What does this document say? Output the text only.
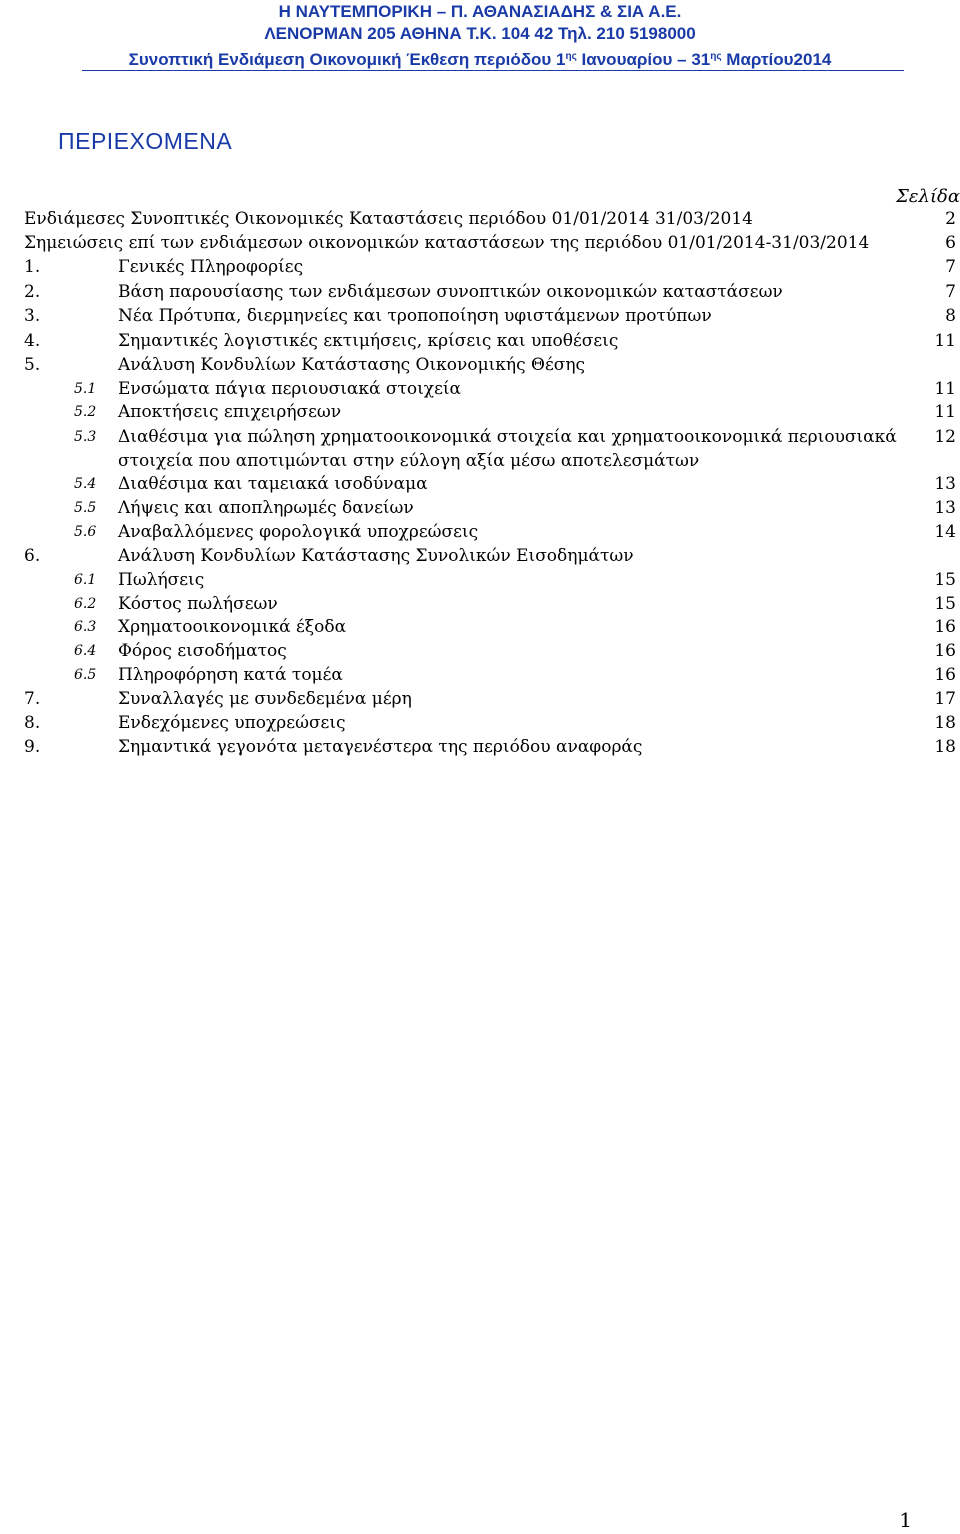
Η ΝΑΥΤΕΜΠΟΡΙΚΗ – Π. ΑΘΑΝΑΣΙΑΔΗΣ & ΣΙΑ Α.Ε.
ΛΕΝΟΡΜΑΝ 205 ΑΘΗΝΑ Τ.Κ. 104 42 Τηλ. 210 5198000
Συνοπτική Ενδιάμεση Οικονομική Έκθεση περιόδου $1^{\eta\varsigma}$ Ιανουαρίου – $31^{\eta\varsigma}$ Μαρτίου2014
ΠΕΡΙΕΧΟΜΕΝΑ
Σελίδα
Ενδιάμεσες Συνοπτικές Οικονομικές Καταστάσεις περιόδου 01/01/2014 31/03/2014	2
Σημειώσεις επί των ενδιάμεσων οικονομικών καταστάσεων της περιόδου 01/01/2014-31/03/2014	6
1.	Γενικές Πληροφορίες	7
2.	Βάση παρουσίασης των ενδιάμεσων συνοπτικών οικονομικών καταστάσεων	7
3.	Νέα Πρότυπα, διερμηνείες και τροποποίηση υφιστάμενων προτύπων	8
4.	Σημαντικές λογιστικές εκτιμήσεις, κρίσεις και υποθέσεις	11
5.	Ανάλυση Κονδυλίων Κατάστασης Οικονομικής Θέσης
5.1 Ενσώματα πάγια περιουσιακά στοιχεία	11
5.2 Αποκτήσεις επιχειρήσεων	11
5.3 Διαθέσιμα για πώληση χρηματοοικονομικά στοιχεία και χρηματοοικονομικά περιουσιακά	12
στοιχεία που αποτιμώνται στην εύλογη αξία μέσω αποτελεσμάτων
5.4 Διαθέσιμα και ταμειακά ισοδύναμα	13
5.5 Λήψεις και αποπληρωμές δανείων	13
5.6 Αναβαλλόμενες φορολογικά υποχρεώσεις	14
6.	Ανάλυση Κονδυλίων Κατάστασης Συνολικών Εισοδημάτων
6.1 Πωλήσεις	15
6.2 Κόστος πωλήσεων	15
6.3 Χρηματοοικονομικά έξοδα	16
6.4 Φόρος εισοδήματος	16
6.5 Πληροφόρηση κατά τομέα	16
7.	Συναλλαγές με συνδεδεμένα μέρη	17
8.	Ενδεχόμενες υποχρεώσεις	18
9.	Σημαντικά γεγονότα μεταγενέστερα της περιόδου αναφοράς	18
1
